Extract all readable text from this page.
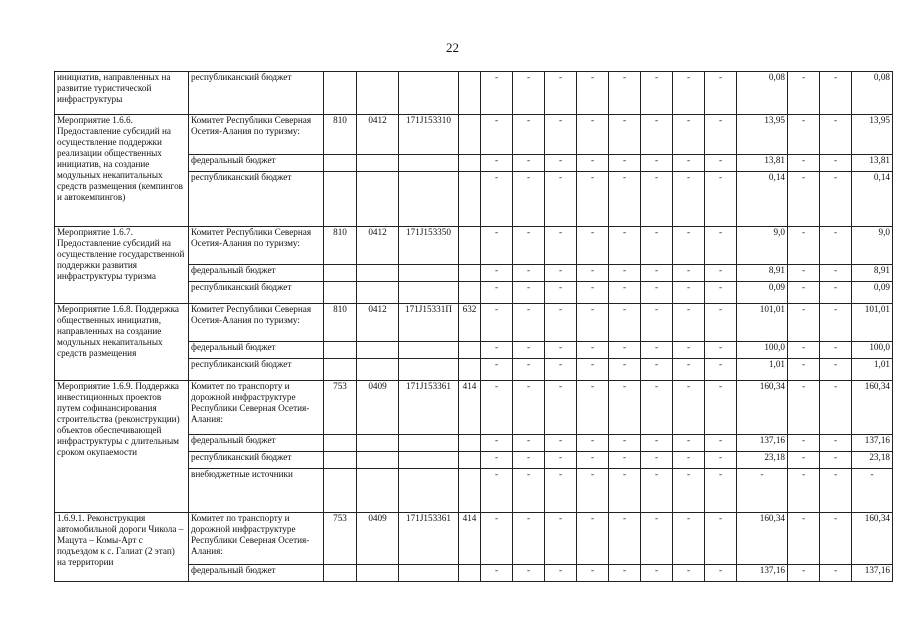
22
инициатив, направленных на развитие туристической инфраструктуры	республиканский бюджет					-	-	-	-	-	-	-	-	0,08	-	-	0,08
Мероприятие 1.6.6. Предоставление субсидий на осуществление поддержки реализации общественных инициатив, на создание модульных некапитальных средств размещения (кемпингов и автокемпингов)	Комитет Республики Северная Осетия-Алания по туризму:	810	0412	171J153310		-	-	-	-	-	-	-	-	13,95	-	-	13,95
	федеральный бюджет					-	-	-	-	-	-	-	-	13,81	-	-	13,81
	республиканский бюджет					-	-	-	-	-	-	-	-	0,14	-	-	0,14
Мероприятие 1.6.7. Предоставление субсидий на осуществление государственной поддержки развития инфраструктуры туризма	Комитет Республики Северная Осетия-Алания по туризму:	810	0412	171J153350		-	-	-	-	-	-	-	-	9,0	-	-	9,0
	федеральный бюджет					-	-	-	-	-	-	-	-	8,91	-	-	8,91
	республиканский бюджет					-	-	-	-	-	-	-	-	0,09	-	-	0,09
Мероприятие 1.6.8. Поддержка общественных инициатив, направленных на создание модульных некапитальных средств размещения	Комитет Республики Северная Осетия-Алания по туризму:	810	0412	171J15331П	632	-	-	-	-	-	-	-	-	101,01	-	-	101,01
	федеральный бюджет					-	-	-	-	-	-	-	-	100,0	-	-	100,0
	республиканский бюджет					-	-	-	-	-	-	-	-	1,01	-	-	1,01
Мероприятие 1.6.9. Поддержка инвестиционных проектов путем софинансирования строительства (реконструкции) объектов обеспечивающей инфраструктуры с длительным сроком окупаемости	Комитет по транспорту и дорожной инфраструктуре Республики Северная Осетия-Алания:	753	0409	171J153361	414	-	-	-	-	-	-	-	-	160,34	-	-	160,34
	федеральный бюджет					-	-	-	-	-	-	-	-	137,16	-	-	137,16
	республиканский бюджет					-	-	-	-	-	-	-	-	23,18	-	-	23,18
	внебюджетные источники					-	-	-	-	-	-	-	-	-	-	-	-
1.6.9.1. Реконструкция автомобильной дороги Чикола – Мацута – Комы-Арт с подъездом к с. Галиат (2 этап) на территории	Комитет по транспорту и дорожной инфраструктуре Республики Северная Осетия-Алания:	753	0409	171J153361	414	-	-	-	-	-	-	-	-	160,34	-	-	160,34
	федеральный бюджет					-	-	-	-	-	-	-	-	137,16	-	-	137,16
